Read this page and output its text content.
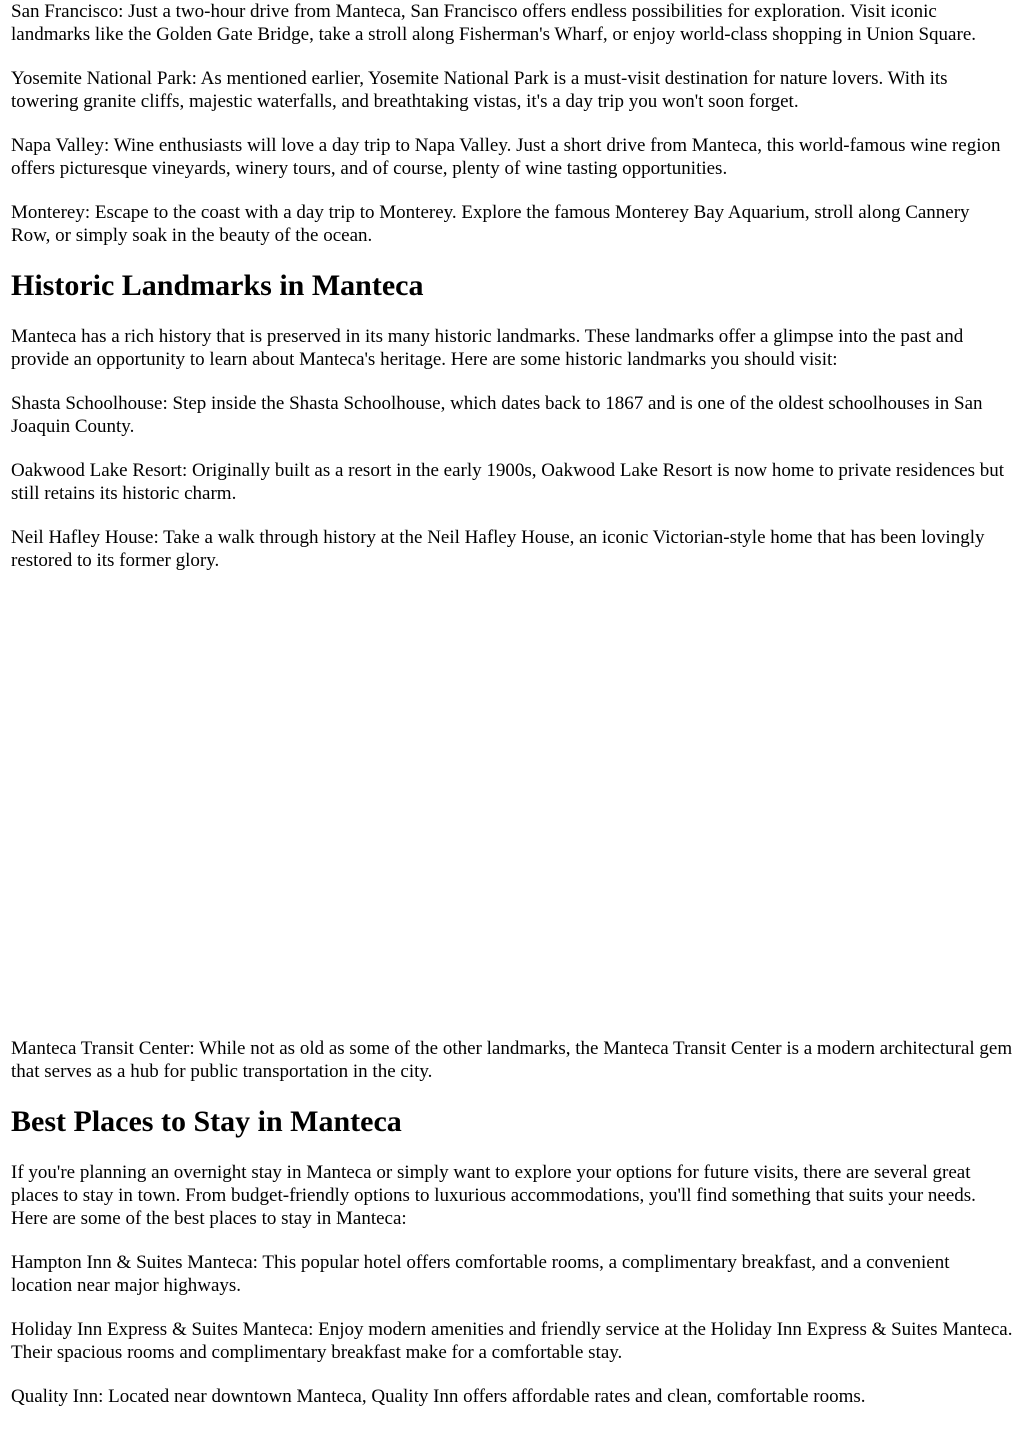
San Francisco: Just a two-hour drive from Manteca, San Francisco offers endless possibilities for exploration. Visit iconic landmarks like the Golden Gate Bridge, take a stroll along Fisherman's Wharf, or enjoy world-class shopping in Union Square.

Yosemite National Park: As mentioned earlier, Yosemite National Park is a must-visit destination for nature lovers. With its towering granite cliffs, majestic waterfalls, and breathtaking vistas, it's a day trip you won't soon forget.

Napa Valley: Wine enthusiasts will love a day trip to Napa Valley. Just a short drive from Manteca, this world-famous wine region offers picturesque vineyards, winery tours, and of course, plenty of wine tasting opportunities.

Monterey: Escape to the coast with a day trip to Monterey. Explore the famous Monterey Bay Aquarium, stroll along Cannery Row, or simply soak in the beauty of the ocean.

Historic Landmarks in Manteca

Manteca has a rich history that is preserved in its many historic landmarks. These landmarks offer a glimpse into the past and provide an opportunity to learn about Manteca's heritage. Here are some historic landmarks you should visit:

Shasta Schoolhouse: Step inside the Shasta Schoolhouse, which dates back to 1867 and is one of the oldest schoolhouses in San Joaquin County.

Oakwood Lake Resort: Originally built as a resort in the early 1900s, Oakwood Lake Resort is now home to private residences but still retains its historic charm.

Neil Hafley House: Take a walk through history at the Neil Hafley House, an iconic Victorian-style home that has been lovingly restored to its former glory.

Manteca Transit Center: While not as old as some of the other landmarks, the Manteca Transit Center is a modern architectural gem that serves as a hub for public transportation in the city.

Best Places to Stay in Manteca

If you're planning an overnight stay in Manteca or simply want to explore your options for future visits, there are several great places to stay in town. From budget-friendly options to luxurious accommodations, you'll find something that suits your needs. Here are some of the best places to stay in Manteca:

Hampton Inn & Suites Manteca: This popular hotel offers comfortable rooms, a complimentary breakfast, and a convenient location near major highways.

Holiday Inn Express & Suites Manteca: Enjoy modern amenities and friendly service at the Holiday Inn Express & Suites Manteca. Their spacious rooms and complimentary breakfast make for a comfortable stay.

Quality Inn: Located near downtown Manteca, Quality Inn offers affordable rates and clean, comfortable rooms.
